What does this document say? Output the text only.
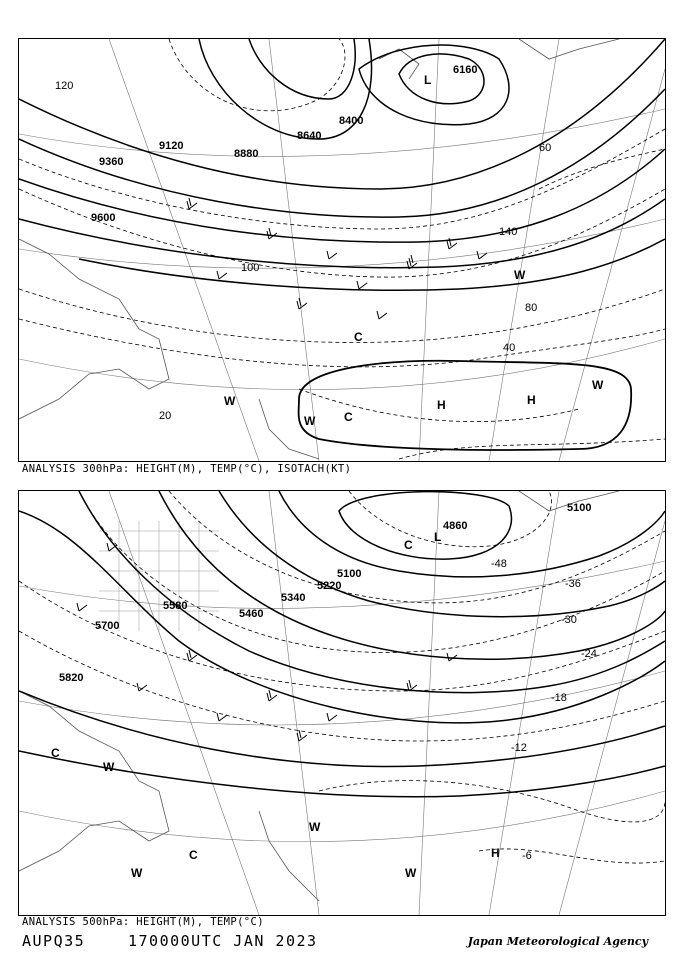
9600
9360
9120
8880
8640
8400
6160
120
100
80
60
40
20
140
L
H	H
C
C
W
W
W
W
ANALYSIS 300hPa: HEIGHT(M), TEMP(°C), ISOTACH(KT)
5820
5700
5580
5460
5340
5220
5100
4860
5100
-6
-12
-18
-24
-30
-36
-48
L
H
C
C
C
W
W
W
W
ANALYSIS 500hPa: HEIGHT(M), TEMP(°C)
AUPQ35	170000UTC JAN 2023	Japan Meteorological Agency
